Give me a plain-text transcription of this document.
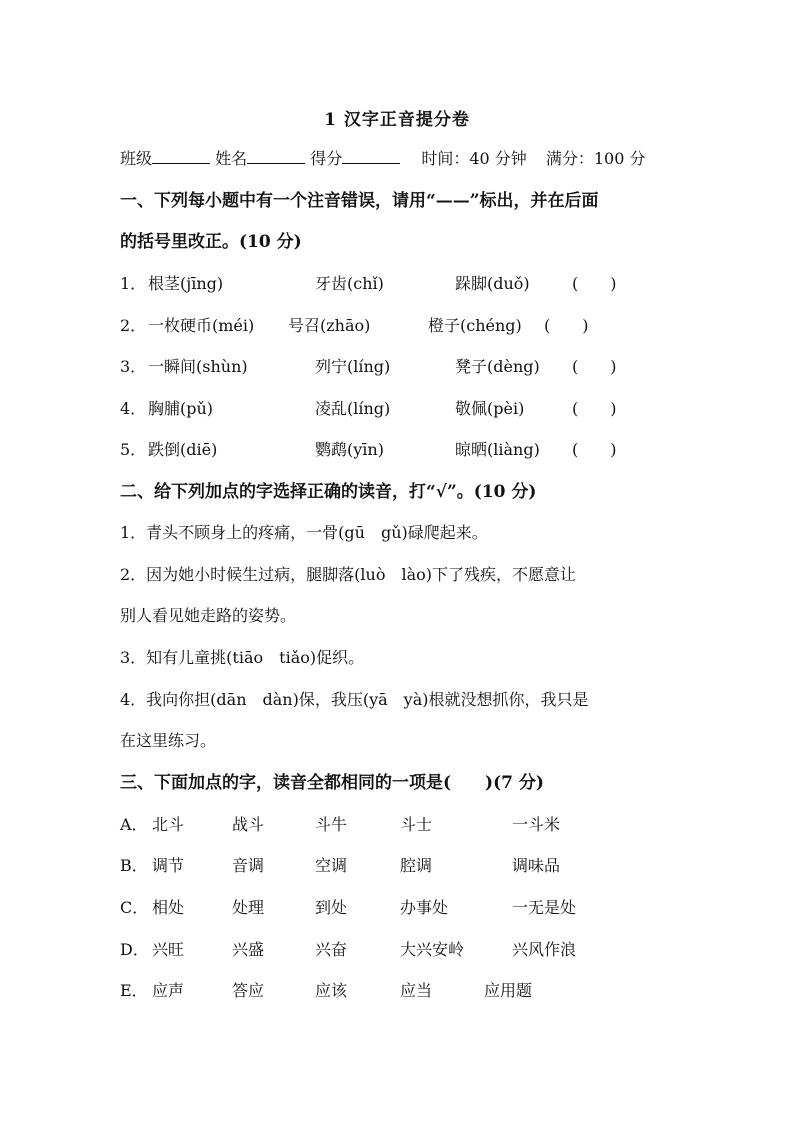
1 汉字正音提分卷
班级	姓名	得分	时间：40 分钟 满分：100 分
一、下列每小题中有一个注音错误，请用“——”标出，并在后面
的括号里改正。(10 分)
1． 根茎(jīng)	牙齿(chǐ)	跺脚(duǒ)	(　　)
2． 一枚硬币(méi) 号召(zhāo)	橙子(chéng) (　　)
3． 一瞬间(shùn)	列宁(líng)	凳子(dèng) (　　)
4． 胸脯(pǔ)	凌乱(líng)	敬佩(pèi)	(　　)
5． 跌倒(diē)	鹦鹉(yīn)	晾晒(liàng) (　　)
二、给下列加点的字选择正确的读音，打“√”。(10 分)
1．青头不顾身上的疼痛，一骨(gū　gǔ)碌爬起来。
2．因为她小时候生过病，腿脚落(luò　lào)下了残疾，不愿意让
别人看见她走路的姿势。
3．知有儿童挑(tiāo　tiǎo)促织。
4．我向你担(dān　dàn)保，我压(yā　yà)根就没想抓你，我只是
在这里练习。
三、下面加点的字，读音全都相同的一项是(　　)(7 分)
A． 北斗	战斗	斗牛	斗士	一斗米
B． 调节	音调	空调	腔调	调味品
C． 相处	处理	到处	办事处	一无是处
D． 兴旺	兴盛	兴奋	大兴安岭	兴风作浪
E． 应声	答应	应该	应当	应用题
